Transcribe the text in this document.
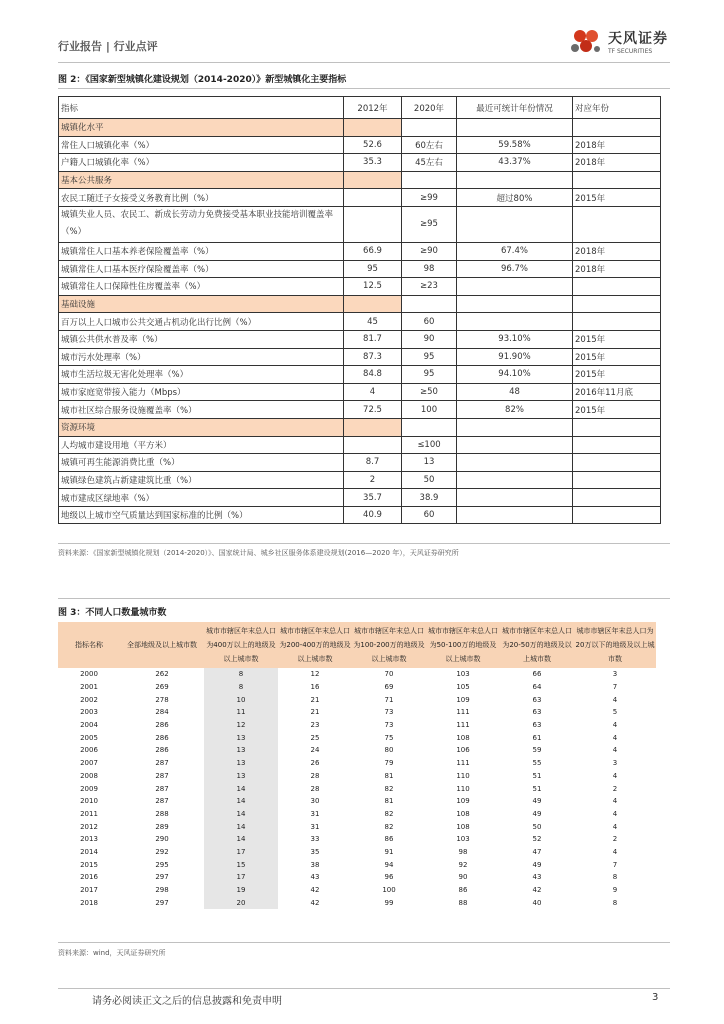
行业报告 | 行业点评	天风证券
TF SECURITIES
图 2：《国家新型城镇化建设规划（2014-2020）》新型城镇化主要指标
指标	2012年	2020年	最近可统计年份情况	对应年份
城镇化水平				
常住人口城镇化率（%）	52.6	60左右	59.58%	2018年
户籍人口城镇化率（%）	35.3	45左右	43.37%	2018年
基本公共服务				
农民工随迁子女接受义务教育比例（%）		≥99	超过80%	2015年
城镇失业人员、农民工、新成长劳动力免费接受基本职业技能培训覆盖率（%）		≥95		
城镇常住人口基本养老保险覆盖率（%）	66.9	≥90	67.4%	2018年
城镇常住人口基本医疗保险覆盖率（%）	95	98	96.7%	2018年
城镇常住人口保障性住房覆盖率（%）	12.5	≥23		
基础设施				
百万以上人口城市公共交通占机动化出行比例（%）	45	60		
城镇公共供水普及率（%）	81.7	90	93.10%	2015年
城市污水处理率（%）	87.3	95	91.90%	2015年
城市生活垃圾无害化处理率（%）	84.8	95	94.10%	2015年
城市家庭宽带接入能力（Mbps）	4	≥50	48	2016年11月底
城市社区综合服务设施覆盖率（%）	72.5	100	82%	2015年
资源环境				
人均城市建设用地（平方米）		≤100		
城镇可再生能源消费比重（%）	8.7	13		
城镇绿色建筑占新建建筑比重（%）	2	50		
城市建成区绿地率（%）	35.7	38.9		
地级以上城市空气质量达到国家标准的比例（%）	40.9	60		
资料来源：《国家新型城镇化规划（2014-2020）》、国家统计局、城乡社区服务体系建设规划(2016—2020 年），天风证券研究所
图 3：不同人口数量城市数
指标名称	全部地级及以上城市数	城市市辖区年末总人口为400万以上的地级及以上城市数	城市市辖区年末总人口为200-400万的地级及以上城市数	城市市辖区年末总人口为100-200万的地级及以上城市数	城市市辖区年末总人口为50-100万的地级及以上城市数	城市市辖区年末总人口为20-50万的地级及以上城市数	城市市辖区年末总人口为20万以下的地级及以上城市数
2000	262	8	12	70	103	66	3
2001	269	8	16	69	105	64	7
2002	278	10	21	71	109	63	4
2003	284	11	21	73	111	63	5
2004	286	12	23	73	111	63	4
2005	286	13	25	75	108	61	4
2006	286	13	24	80	106	59	4
2007	287	13	26	79	111	55	3
2008	287	13	28	81	110	51	4
2009	287	14	28	82	110	51	2
2010	287	14	30	81	109	49	4
2011	288	14	31	82	108	49	4
2012	289	14	31	82	108	50	4
2013	290	14	33	86	103	52	2
2014	292	17	35	91	98	47	4
2015	295	15	38	94	92	49	7
2016	297	17	43	96	90	43	8
2017	298	19	42	100	86	42	9
2018	297	20	42	99	88	40	8
资料来源：wind，天风证券研究所
请务必阅读正文之后的信息披露和免责申明	3
